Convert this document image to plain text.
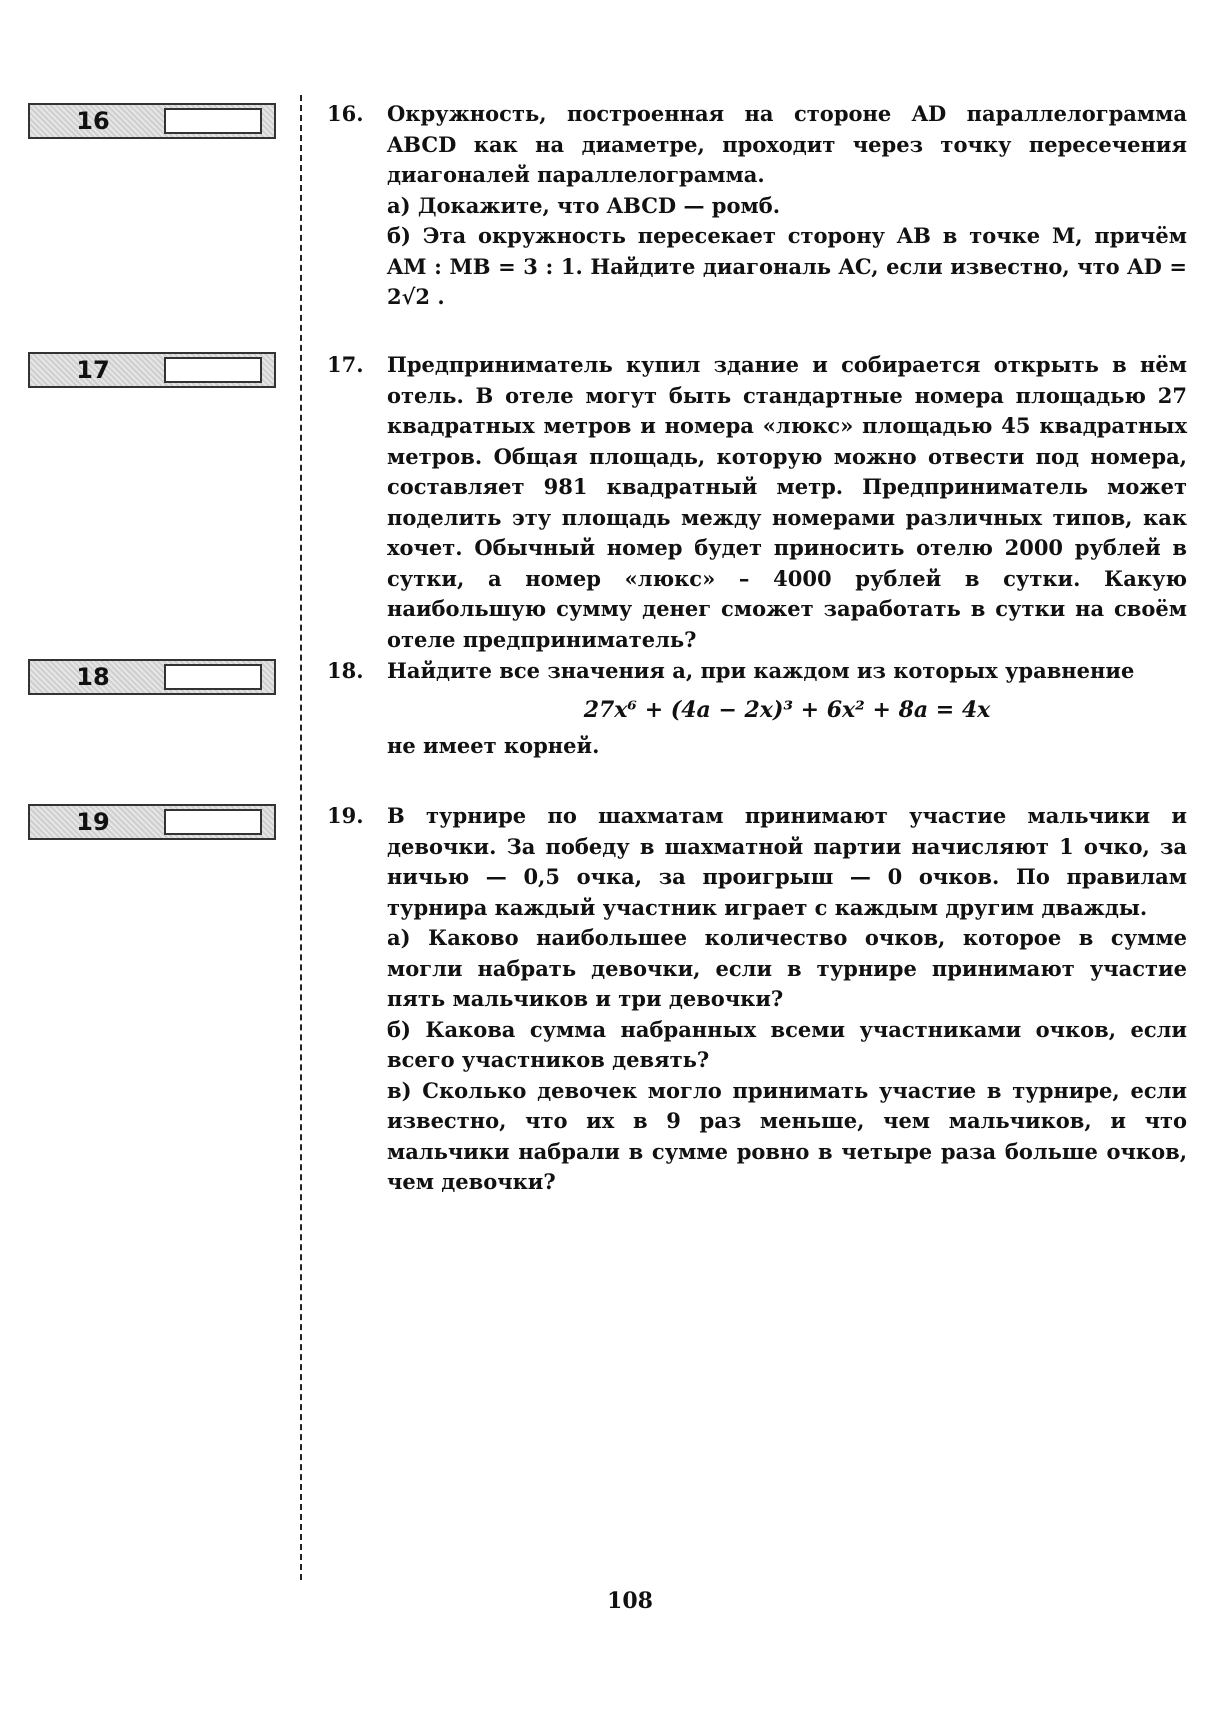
16
17
18
19
16. Окружность, построенная на стороне AD параллелограмма ABCD как на диаметре, проходит через точку пересечения диагоналей параллелограмма.

а) Докажите, что ABCD — ромб.

б) Эта окружность пересекает сторону AB в точке M, причём AM : MB = 3 : 1. Найдите диагональ AC, если известно, что AD = 2√2 .

17. Предприниматель купил здание и собирается открыть в нём отель. В отеле могут быть стандартные номера площадью 27 квадратных метров и номера «люкс» площадью 45 квадратных метров. Общая площадь, которую можно отвести под номера, составляет 981 квадратный метр. Предприниматель может поделить эту площадь между номерами различных типов, как хочет. Обычный номер будет приносить отелю 2000 рублей в сутки, а номер «люкс» – 4000 рублей в сутки. Какую наибольшую сумму денег сможет заработать в сутки на своём отеле предприниматель?

18. Найдите все значения a, при каждом из которых уравнение

27x⁶ + (4a − 2x)³ + 6x² + 8a = 4x

не имеет корней.

19. В турнире по шахматам принимают участие мальчики и девочки. За победу в шахматной партии начисляют 1 очко, за ничью — 0,5 очка, за проигрыш — 0 очков. По правилам турнира каждый участник играет с каждым другим дважды.

а) Каково наибольшее количество очков, которое в сумме могли набрать девочки, если в турнире принимают участие пять мальчиков и три девочки?

б) Какова сумма набранных всеми участниками очков, если всего участников девять?

в) Сколько девочек могло принимать участие в турнире, если известно, что их в 9 раз меньше, чем мальчиков, и что мальчики набрали в сумме ровно в четыре раза больше очков, чем девочки?

108
